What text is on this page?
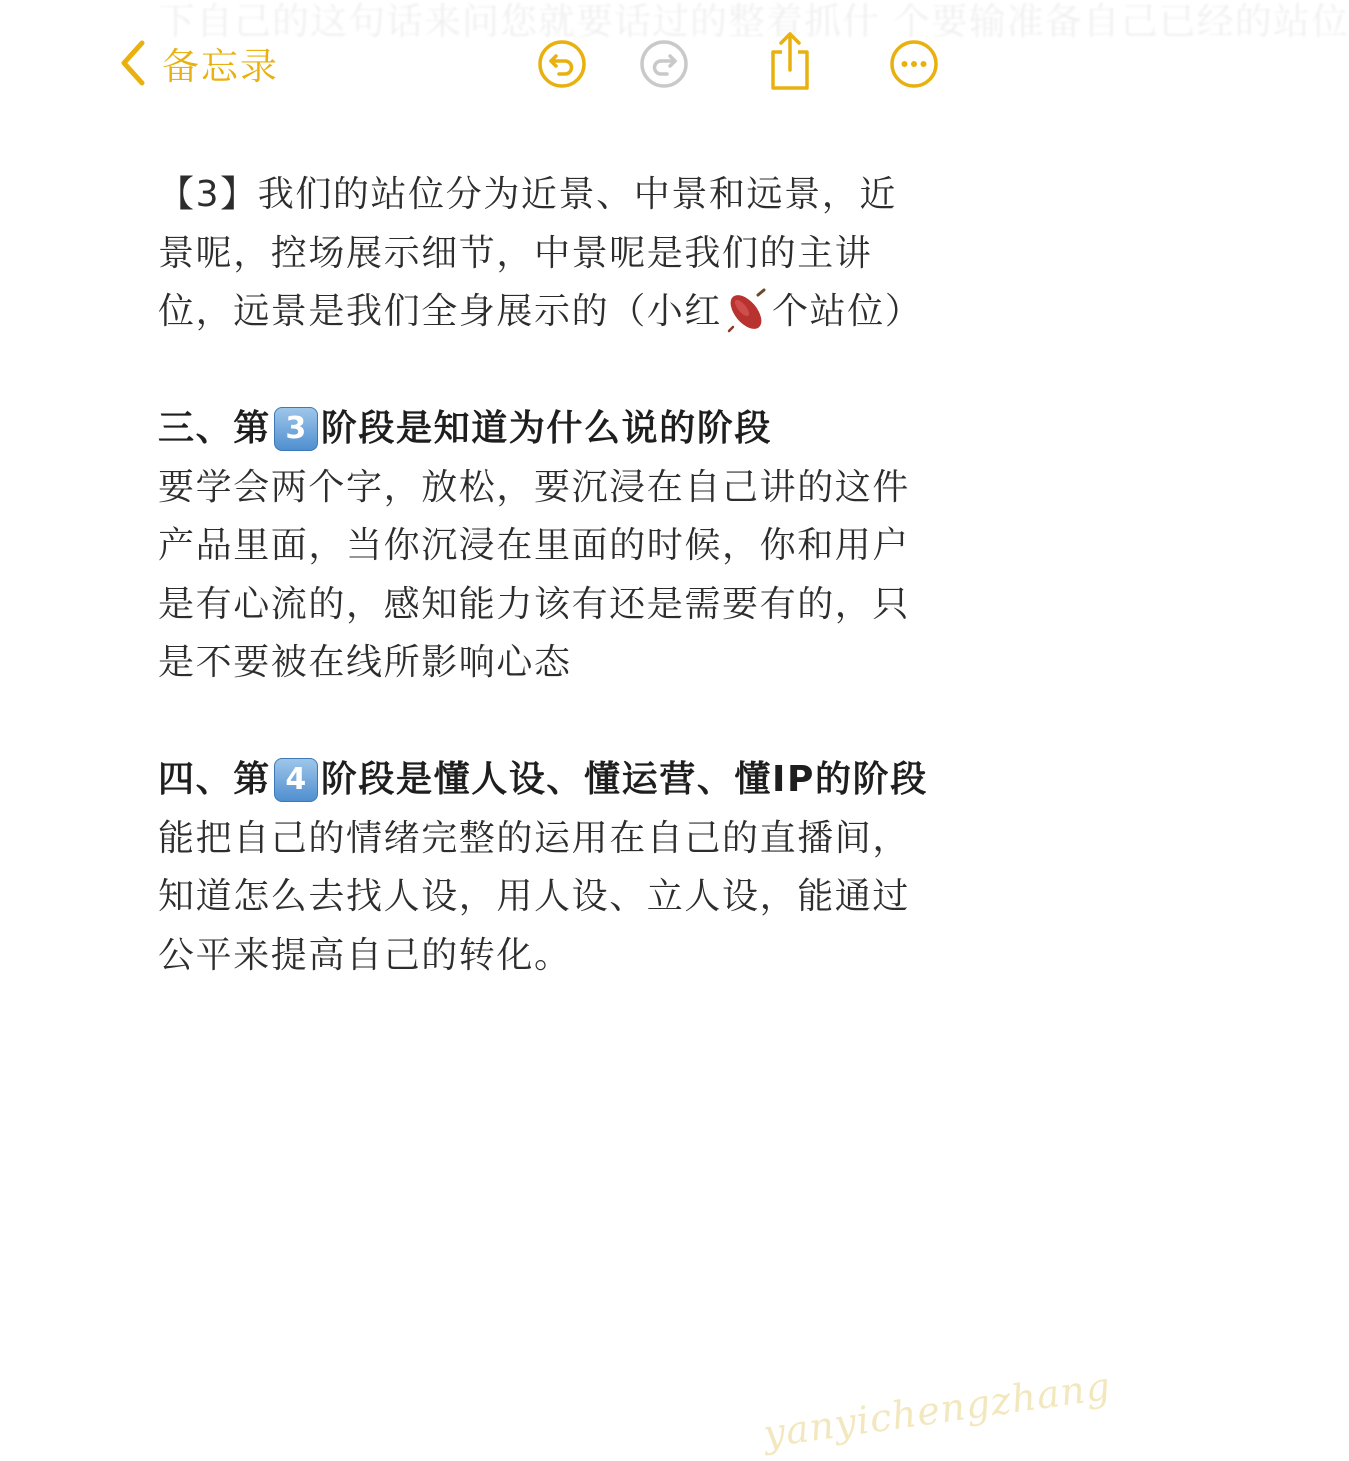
下自己的这句话来问您就要话过的整着抓什 个要输准备自己已经的站位
备忘录

【3】我们的站位分为近景、中景和远景，近景呢，控场展示细节，中景呢是我们的主讲位，远景是我们全身展示的（小红 个站位）

三、第 3 阶段是知道为什么说的阶段

要学会两个字，放松，要沉浸在自己讲的这件产品里面，当你沉浸在里面的时候，你和用户是有心流的，感知能力该有还是需要有的，只是不要被在线所影响心态

四、第 4 阶段是懂人设、懂运营、懂IP的阶段

能把自己的情绪完整的运用在自己的直播间，知道怎么去找人设，用人设、立人设，能通过公平来提高自己的转化。

yanyichengzhang
